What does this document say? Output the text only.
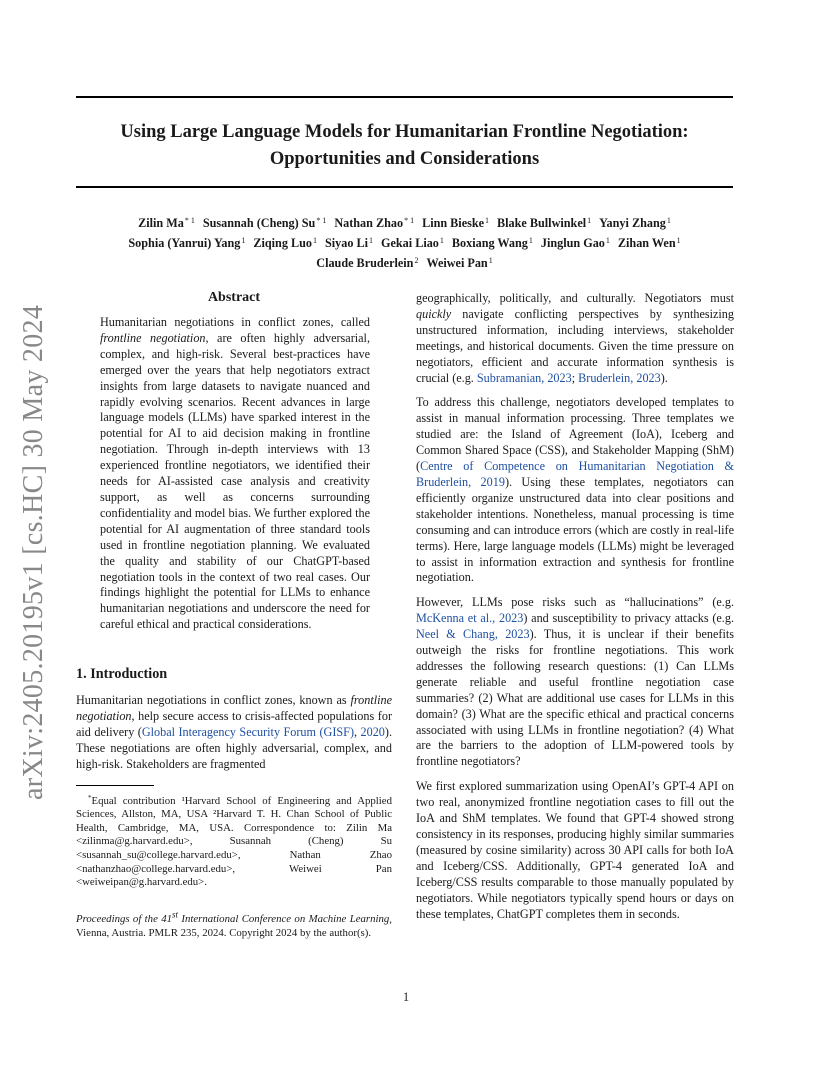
Using Large Language Models for Humanitarian Frontline Negotiation:
Opportunities and Considerations
Zilin Ma$^{* 1}$ Susannah (Cheng) Su$^{* 1}$ Nathan Zhao$^{* 1}$ Linn Bieske$^1$ Blake Bullwinkel$^1$ Yanyi Zhang$^1$
Sophia (Yanrui) Yang$^1$ Ziqing Luo$^1$ Siyao Li$^1$ Gekai Liao$^1$ Boxiang Wang$^1$ Jinglun Gao$^1$ Zihan Wen$^1$
Claude Bruderlein$^2$ Weiwei Pan$^1$
arXiv:2405.20195v1 [cs.HC] 30 May 2024
Abstract

Humanitarian negotiations in conflict zones, called frontline negotiation, are often highly adversarial, complex, and high-risk. Several best-practices have emerged over the years that help negotiators extract insights from large datasets to navigate nuanced and rapidly evolving scenarios. Recent advances in large language models (LLMs) have sparked interest in the potential for AI to aid decision making in frontline negotiation. Through in-depth interviews with 13 experienced frontline negotiators, we identified their needs for AI-assisted case analysis and creativity support, as well as concerns surrounding confidentiality and model bias. We further explored the potential for AI augmentation of three standard tools used in frontline negotiation planning. We evaluated the quality and stability of our ChatGPT-based negotiation tools in the context of two real cases. Our findings highlight the potential for LLMs to enhance humanitarian negotiations and underscore the need for careful ethical and practical considerations.

1. Introduction

Humanitarian negotiations in conflict zones, known as frontline negotiation, help secure access to crisis-affected populations for aid delivery (Global Interagency Security Forum (GISF), 2020). These negotiations are often highly adversarial, complex, and high-risk. Stakeholders are fragmented

*Equal contribution ¹Harvard School of Engineering and Applied Sciences, Allston, MA, USA ²Harvard T. H. Chan School of Public Health, Cambridge, MA, USA. Correspondence to: Zilin Ma <zilinma@g.harvard.edu>, Susannah (Cheng) Su <susannah_su@college.harvard.edu>, Nathan Zhao <nathanzhao@college.harvard.edu>, Weiwei Pan <weiweipan@g.harvard.edu>.

Proceedings of the 41st International Conference on Machine Learning, Vienna, Austria. PMLR 235, 2024. Copyright 2024 by the author(s).

geographically, politically, and culturally. Negotiators must quickly navigate conflicting perspectives by synthesizing unstructured information, including interviews, stakeholder meetings, and historical documents. Given the time pressure on negotiators, efficient and accurate information synthesis is crucial (e.g. Subramanian, 2023; Bruderlein, 2023).

To address this challenge, negotiators developed templates to assist in manual information processing. Three templates we studied are: the Island of Agreement (IoA), Iceberg and Common Shared Space (CSS), and Stakeholder Mapping (ShM) (Centre of Competence on Humanitarian Negotiation & Bruderlein, 2019). Using these templates, negotiators can efficiently organize unstructured data into clear positions and stakeholder intentions. Nonetheless, manual processing is time consuming and can introduce errors (which are costly in real-life terms). Here, large language models (LLMs) might be leveraged to assist in information extraction and synthesis for frontline negotiation.

However, LLMs pose risks such as “hallucinations” (e.g. McKenna et al., 2023) and susceptibility to privacy attacks (e.g. Neel & Chang, 2023). Thus, it is unclear if their benefits outweigh the risks for frontline negotiations. This work addresses the following research questions: (1) Can LLMs generate reliable and useful frontline negotiation case summaries? (2) What are additional use cases for LLMs in this domain? (3) What are the specific ethical and practical concerns associated with using LLMs in frontline negotiation? (4) What are the barriers to the adoption of LLM-powered tools by frontline negotiators?

We first explored summarization using OpenAI’s GPT-4 API on two real, anonymized frontline negotiation cases to fill out the IoA and ShM templates. We found that GPT-4 showed strong consistency in its responses, producing highly similar summaries (measured by cosine similarity) across 30 API calls for both IoA and Iceberg/CSS. Additionally, GPT-4 generated IoA and Iceberg/CSS results comparable to those manually populated by negotiators. While negotiators typically spend hours or days on these templates, ChatGPT completes them in seconds.

1
